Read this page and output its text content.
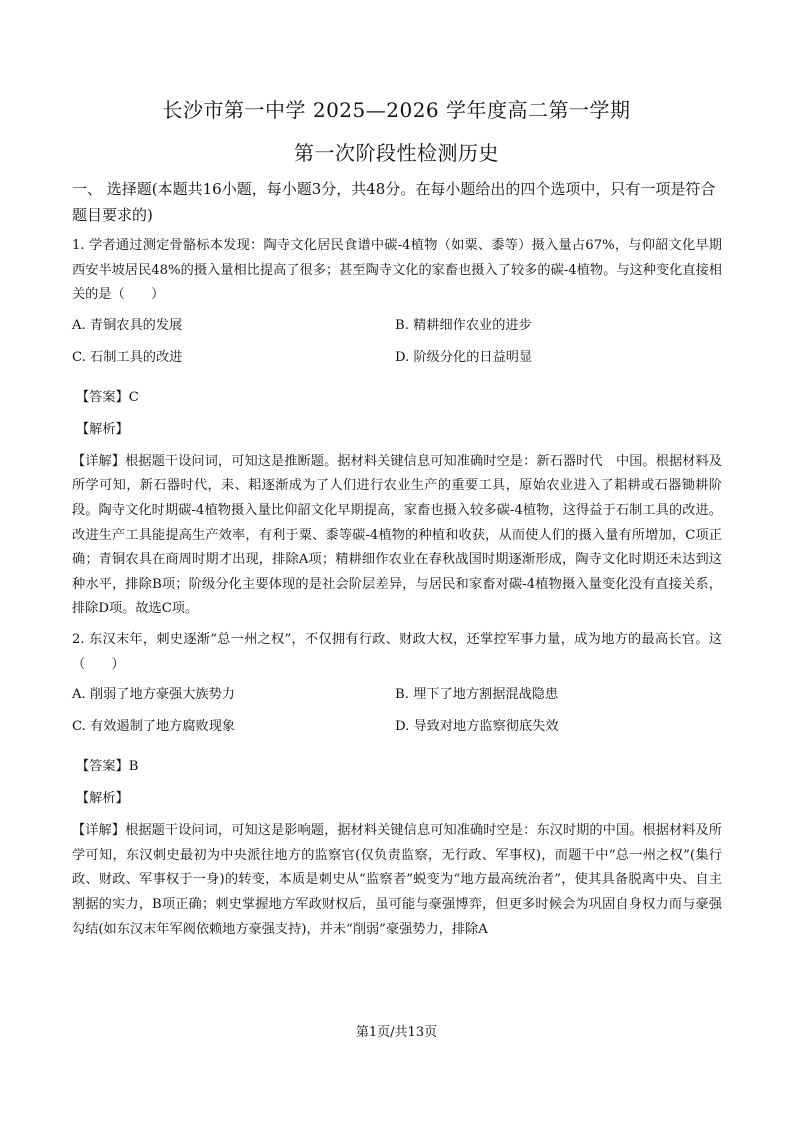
长沙市第一中学 2025—2026 学年度高二第一学期
第一次阶段性检测历史
一、 选择题(本题共16小题，每小题3分，共48分。在每小题给出的四个选项中，只有一项是符合题目要求的)
1. 学者通过测定骨骼标本发现：陶寺文化居民食谱中碳-4植物（如粟、黍等）摄入量占67%，与仰韶文化早期西安半坡居民48%的摄入量相比提高了很多；甚至陶寺文化的家畜也摄入了较多的碳-4植物。与这种变化直接相关的是（　　）
A. 青铜农具的发展	B. 精耕细作农业的进步
C. 石制工具的改进	D. 阶级分化的日益明显
【答案】C
【解析】
【详解】根据题干设问词，可知这是推断题。据材料关键信息可知准确时空是：新石器时代　中国。根据材料及所学可知，新石器时代，耒、耜逐渐成为了人们进行农业生产的重要工具，原始农业进入了耜耕或石器锄耕阶段。陶寺文化时期碳-4植物摄入量比仰韶文化早期提高，家畜也摄入较多碳-4植物，这得益于石制工具的改进。改进生产工具能提高生产效率，有利于粟、黍等碳-4植物的种植和收获，从而使人们的摄入量有所增加，C项正确；青铜农具在商周时期才出现，排除A项；精耕细作农业在春秋战国时期逐渐形成，陶寺文化时期还未达到这种水平，排除B项；阶级分化主要体现的是社会阶层差异，与居民和家畜对碳-4植物摄入量变化没有直接关系，排除D项。故选C项。
2. 东汉末年，刺史逐渐“总一州之权”，不仅拥有行政、财政大权，还掌控军事力量，成为地方的最高长官。这（　　）
A. 削弱了地方豪强大族势力	B. 埋下了地方割据混战隐患
C. 有效遏制了地方腐败现象	D. 导致对地方监察彻底失效
【答案】B
【解析】
【详解】根据题干设问词，可知这是影响题，据材料关键信息可知准确时空是：东汉时期的中国。根据材料及所学可知，东汉刺史最初为中央派往地方的监察官(仅负责监察，无行政、军事权)，而题干中“总一州之权”(集行政、财政、军事权于一身)的转变，本质是刺史从“监察者”蜕变为“地方最高统治者”，使其具备脱离中央、自主割据的实力，B项正确；刺史掌握地方军政财权后，虽可能与豪强博弈，但更多时候会为巩固自身权力而与豪强勾结(如东汉末年军阀依赖地方豪强支持)，并未“削弱”豪强势力，排除A
第1页/共13页
